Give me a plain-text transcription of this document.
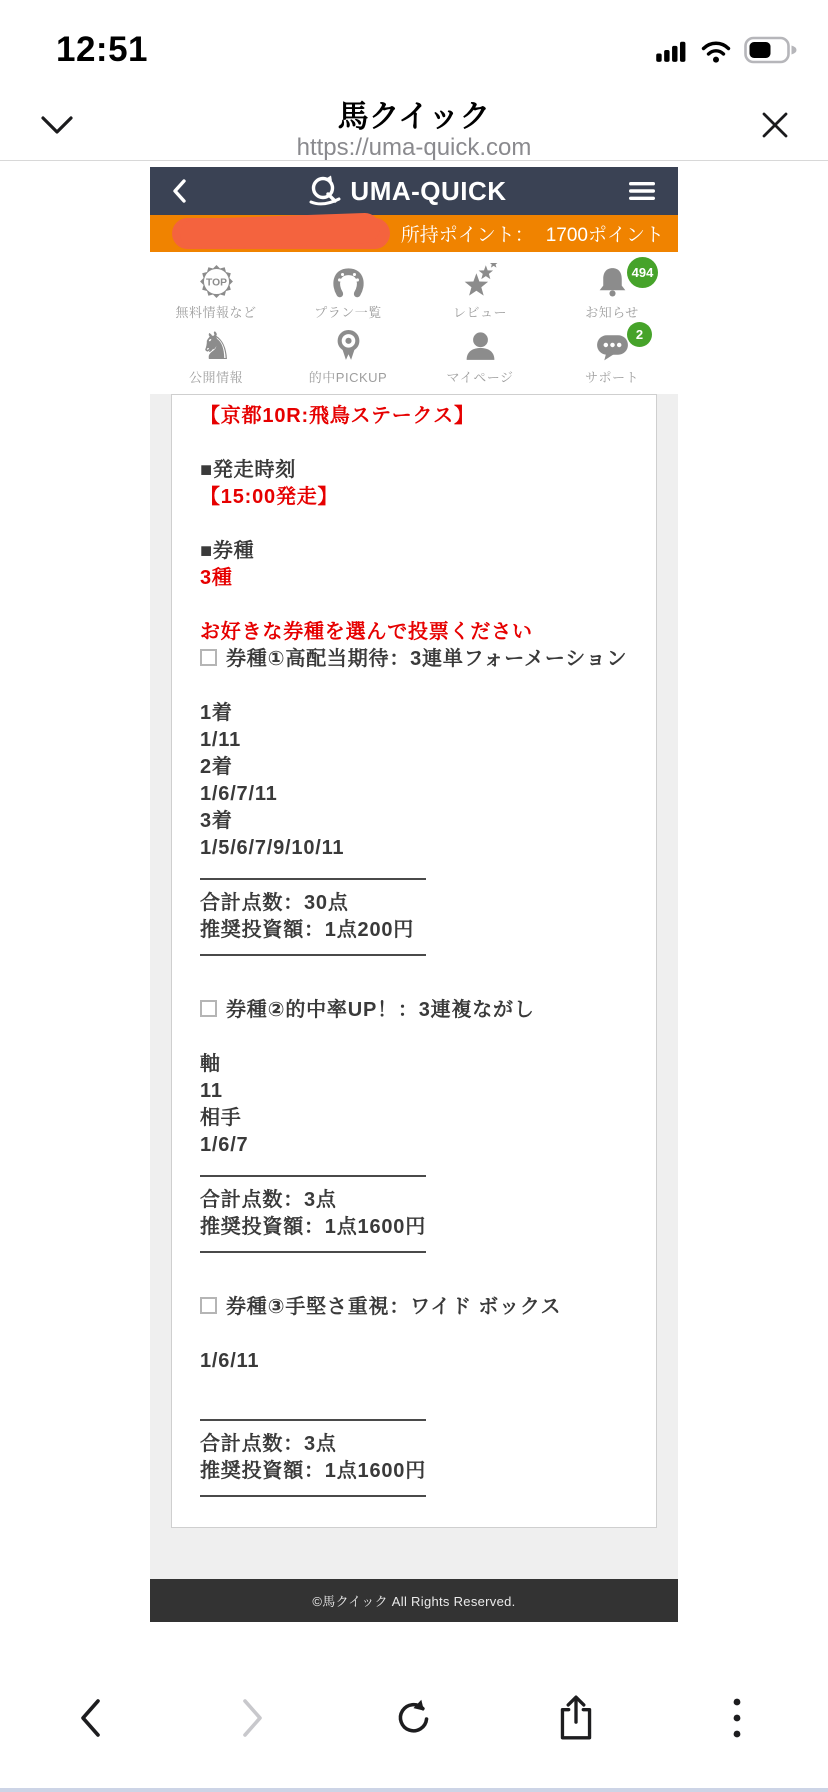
12:51
馬クイック
https://uma-quick.com
UMA-QUICK
所持ポイント： 1700ポイント
TOP
無料情報など	プラン一覧	レビュー
494
お知らせ
♞
公開情報	的中PICKUP	マイページ
2
サポート
【京都10R:飛鳥ステークス】
■発走時刻
【15:00発走】
■券種
3種
お好きな券種を選んで投票ください
券種①高配当期待：3連単フォーメーション
1着
1/11
2着
1/6/7/11
3着
1/5/6/7/9/10/11
合計点数：30点
推奨投資額：1点200円
券種②的中率UP！：3連複ながし
軸
11
相手
1/6/7
合計点数：3点
推奨投資額：1点1600円
券種③手堅さ重視：ワイド ボックス
1/6/11
合計点数：3点
推奨投資額：1点1600円
©馬クイック All Rights Reserved.
